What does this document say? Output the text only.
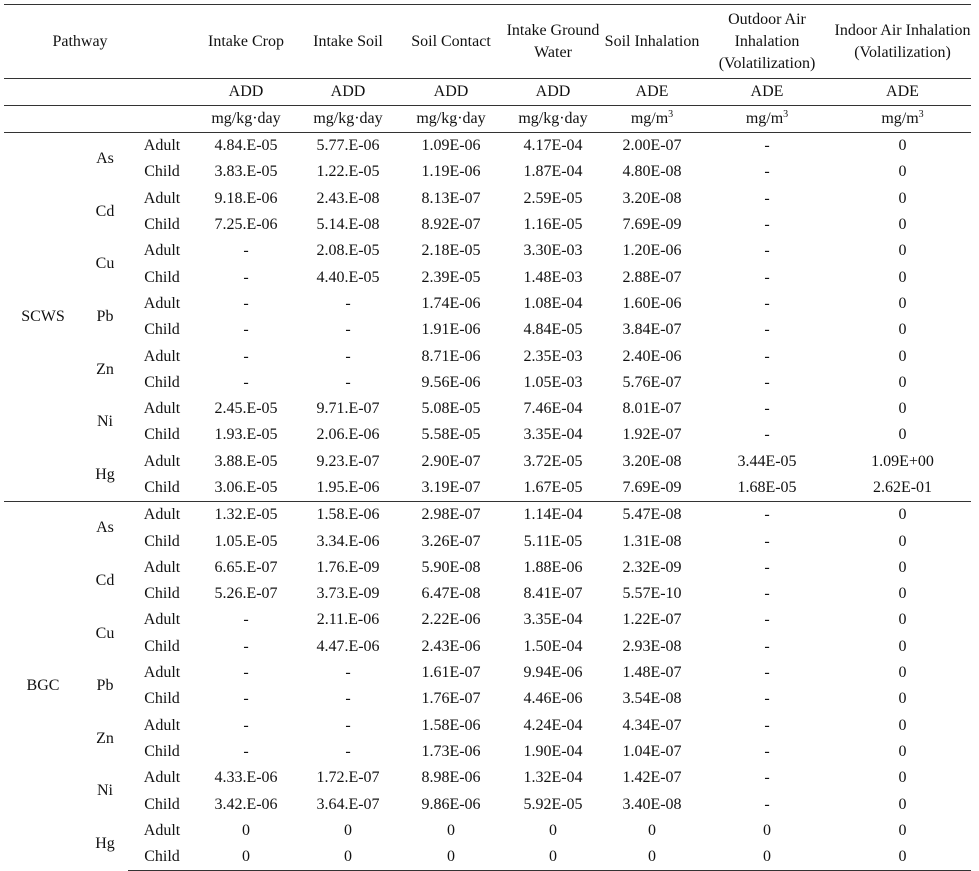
Pathway			Intake Crop	Intake Soil	Soil Contact	Intake Ground Water	Soil Inhalation	Outdoor Air Inhalation (Volatilization)	Indoor Air Inhalation (Volatilization)
			ADD	ADD	ADD	ADD	ADE	ADE	ADE
			mg/kg·day	mg/kg·day	mg/kg·day	mg/kg·day	$mg/m^3$	$mg/m^3$	$mg/m^3$
SCWS	As	Adult	4.84.E-05	5.77.E-06	1.09E-06	4.17E-04	2.00E-07	-	0
		Child	3.83.E-05	1.22.E-05	1.19E-06	1.87E-04	4.80E-08	-	0
	Cd	Adult	9.18.E-06	2.43.E-08	8.13E-07	2.59E-05	3.20E-08	-	0
		Child	7.25.E-06	5.14.E-08	8.92E-07	1.16E-05	7.69E-09	-	0
	Cu	Adult	-	2.08.E-05	2.18E-05	3.30E-03	1.20E-06	-	0
		Child	-	4.40.E-05	2.39E-05	1.48E-03	2.88E-07	-	0
	Pb	Adult	-	-	1.74E-06	1.08E-04	1.60E-06	-	0
		Child	-	-	1.91E-06	4.84E-05	3.84E-07	-	0
	Zn	Adult	-	-	8.71E-06	2.35E-03	2.40E-06	-	0
		Child	-	-	9.56E-06	1.05E-03	5.76E-07	-	0
	Ni	Adult	2.45.E-05	9.71.E-07	5.08E-05	7.46E-04	8.01E-07	-	0
		Child	1.93.E-05	2.06.E-06	5.58E-05	3.35E-04	1.92E-07	-	0
	Hg	Adult	3.88.E-05	9.23.E-07	2.90E-07	3.72E-05	3.20E-08	3.44E-05	1.09E+00
		Child	3.06.E-05	1.95.E-06	3.19E-07	1.67E-05	7.69E-09	1.68E-05	2.62E-01
BGC	As	Adult	1.32.E-05	1.58.E-06	2.98E-07	1.14E-04	5.47E-08	-	0
		Child	1.05.E-05	3.34.E-06	3.26E-07	5.11E-05	1.31E-08	-	0
	Cd	Adult	6.65.E-07	1.76.E-09	5.90E-08	1.88E-06	2.32E-09	-	0
		Child	5.26.E-07	3.73.E-09	6.47E-08	8.41E-07	5.57E-10	-	0
	Cu	Adult	-	2.11.E-06	2.22E-06	3.35E-04	1.22E-07	-	0
		Child	-	4.47.E-06	2.43E-06	1.50E-04	2.93E-08	-	0
	Pb	Adult	-	-	1.61E-07	9.94E-06	1.48E-07	-	0
		Child	-	-	1.76E-07	4.46E-06	3.54E-08	-	0
	Zn	Adult	-	-	1.58E-06	4.24E-04	4.34E-07	-	0
		Child	-	-	1.73E-06	1.90E-04	1.04E-07	-	0
	Ni	Adult	4.33.E-06	1.72.E-07	8.98E-06	1.32E-04	1.42E-07	-	0
		Child	3.42.E-06	3.64.E-07	9.86E-06	5.92E-05	3.40E-08	-	0
	Hg	Adult	0	0	0	0	0	0	0
		Child	0	0	0	0	0	0	0
